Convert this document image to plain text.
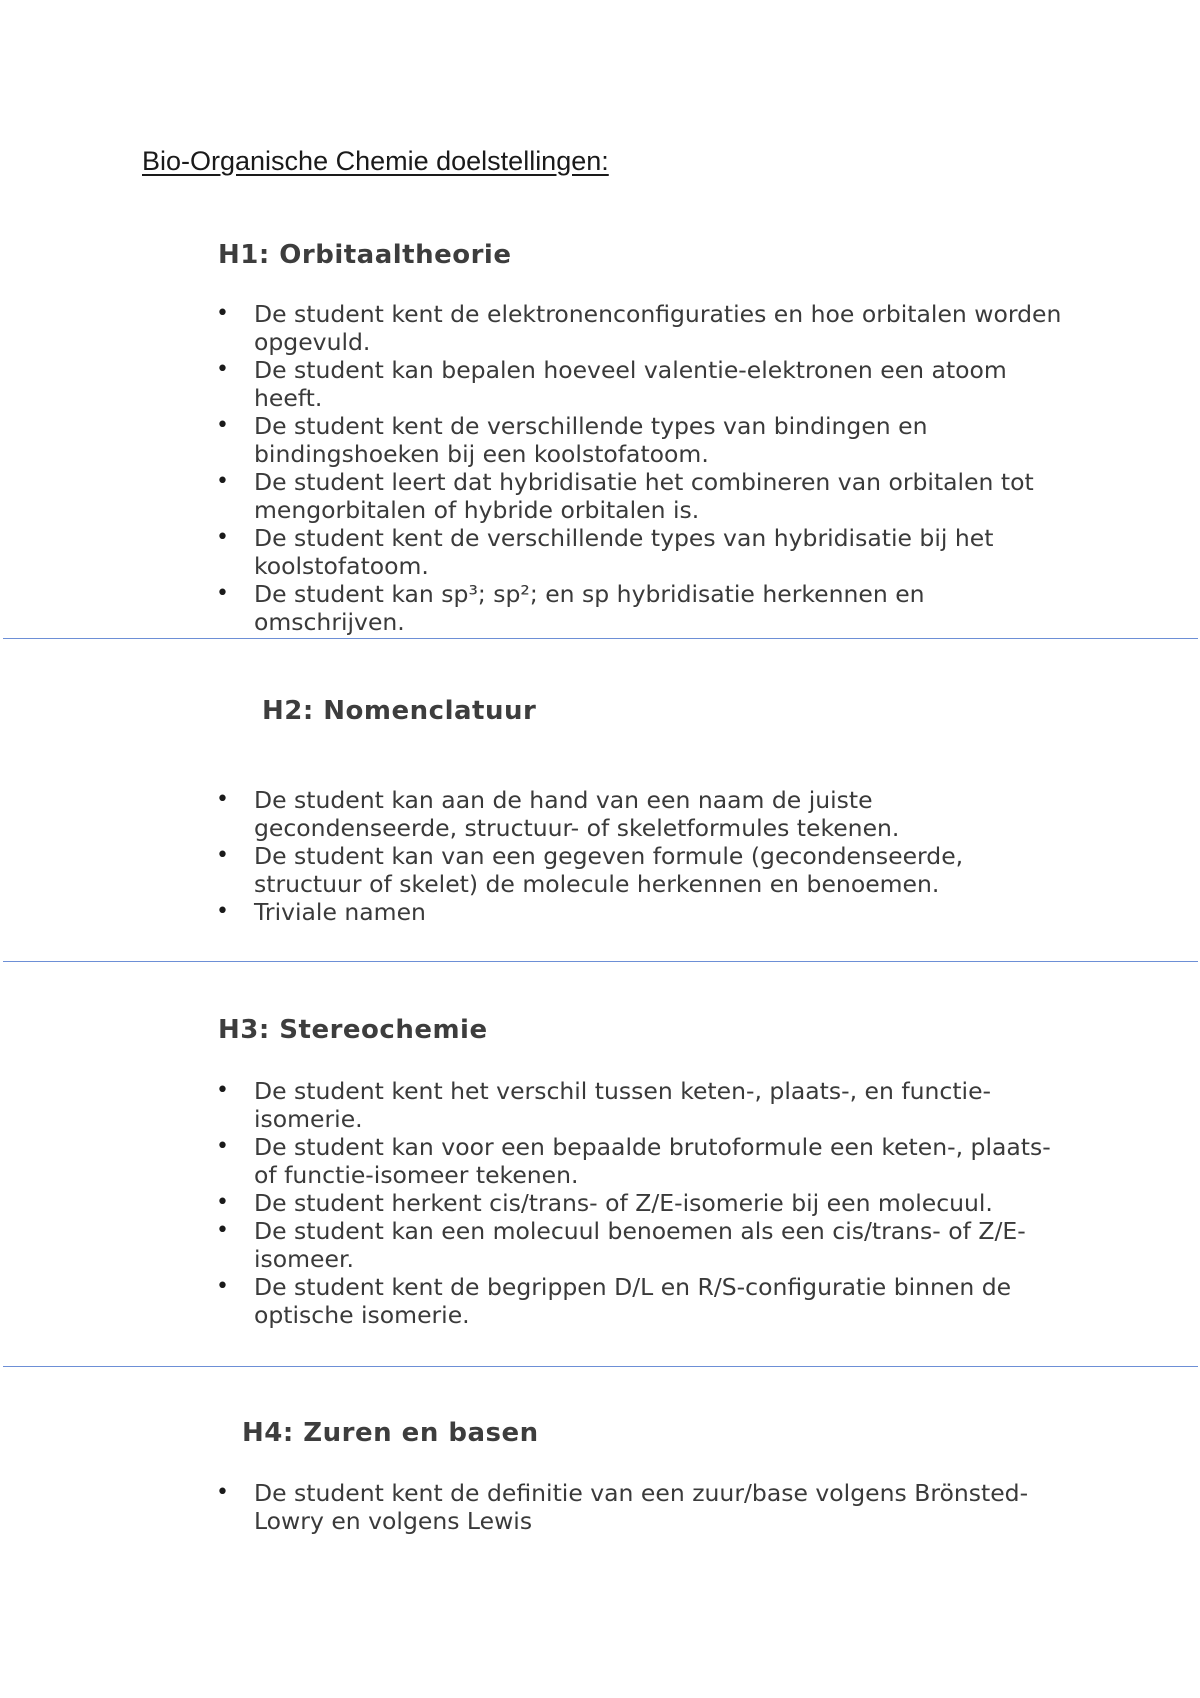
Bio-Organische Chemie doelstellingen:
H1: Orbitaaltheorie
• De student kent de elektronenconfiguraties en hoe orbitalen worden opgevuld.
• De student kan bepalen hoeveel valentie-elektronen een atoom heeft.
• De student kent de verschillende types van bindingen en bindingshoeken bij een koolstofatoom.
• De student leert dat hybridisatie het combineren van orbitalen tot mengorbitalen of hybride orbitalen is.
• De student kent de verschillende types van hybridisatie bij het koolstofatoom.
• De student kan sp³; sp²; en sp hybridisatie herkennen en omschrijven.
H2: Nomenclatuur
• De student kan aan de hand van een naam de juiste gecondenseerde, structuur- of skeletformules tekenen.
• De student kan van een gegeven formule (gecondenseerde, structuur of skelet) de molecule herkennen en benoemen.
• Triviale namen
H3: Stereochemie
• De student kent het verschil tussen keten-, plaats-, en functie-isomerie.
• De student kan voor een bepaalde brutoformule een keten-, plaats- of functie-isomeer tekenen.
• De student herkent cis/trans- of Z/E-isomerie bij een molecuul.
• De student kan een molecuul benoemen als een cis/trans- of Z/E-isomeer.
• De student kent de begrippen D/L en R/S-configuratie binnen de optische isomerie.
H4: Zuren en basen
• De student kent de definitie van een zuur/base volgens Brönsted-Lowry en volgens Lewis
